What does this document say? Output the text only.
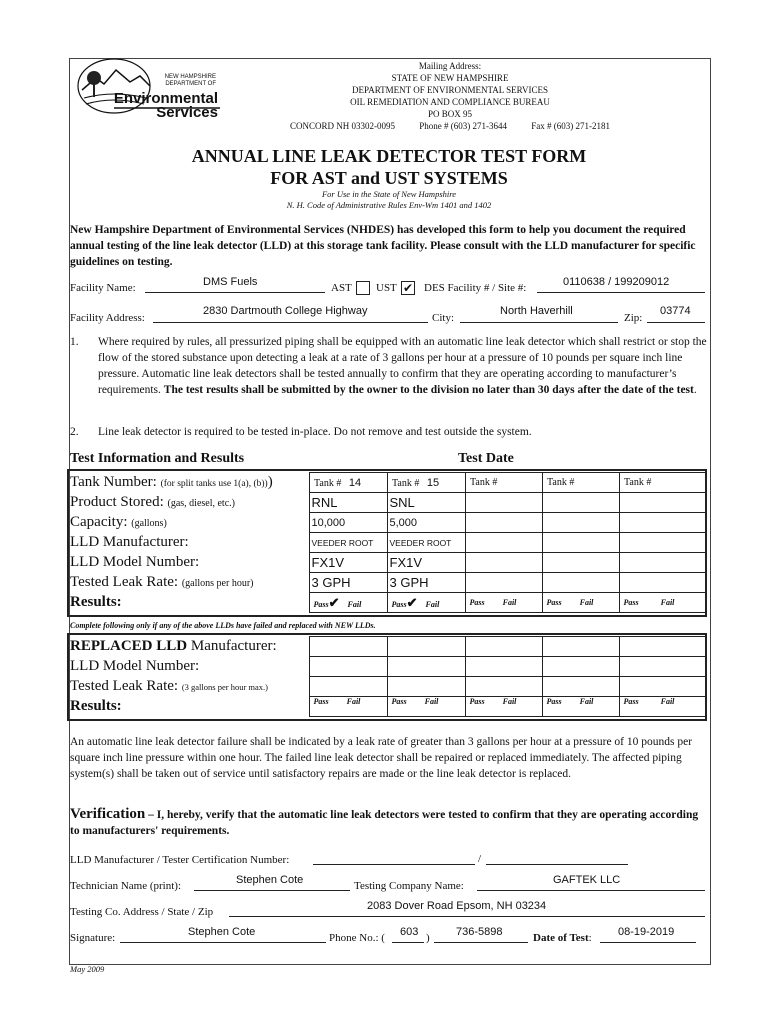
NEW HAMPSHIRE
DEPARTMENT OF
Environmental
Services
Mailing Address:
STATE OF NEW HAMPSHIRE
DEPARTMENT OF ENVIRONMENTAL SERVICES
OIL REMEDIATION AND COMPLIANCE BUREAU
PO BOX 95
CONCORD NH 03302-0095	Phone # (603) 271-3644	Fax # (603) 271-2181
ANNUAL LINE LEAK DETECTOR TEST FORM
FOR AST and UST SYSTEMS
For Use in the State of New Hampshire
N. H. Code of Administrative Rules Env-Wm 1401 and 1402
New Hampshire Department of Environmental Services (NHDES) has developed this form to help you document the required annual testing of the line leak detector (LLD) at this storage tank facility. Please consult with the LLD manufacturer for specific guidelines on testing.
Facility Name:	DMS Fuels	AST UST ✔ DES Facility # / Site #:	0110638 / 199209012
Facility Address:
2830 Dartmouth College Highway
City:
North Haverhill
Zip:
03774
1. Where required by rules, all pressurized piping shall be equipped with an automatic line leak detector which shall restrict or stop the flow of the stored substance upon detecting a leak at a rate of 3 gallons per hour at a pressure of 10 pounds per square inch line pressure. Automatic line leak detectors shall be tested annually to confirm that they are operating according to manufacturer’s requirements. The test results shall be submitted by the owner to the division no later than 30 days after the date of the test.
2. Line leak detector is required to be tested in-place. Do not remove and test outside the system.
Test Information and Results	Test Date
Tank Number: (for split tanks use 1(a), (b)))	Tank # 14	Tank # 15	Tank #	Tank #	Tank #
Product Stored: (gas, diesel, etc.)	RNL	SNL			
Capacity: (gallons)	10,000	5,000			
LLD Manufacturer:	VEEDER ROOT	VEEDER ROOT			
LLD Model Number:	FX1V	FX1V			
Tested Leak Rate: (gallons per hour)	3 GPH	3 GPH			
Results:	Pass✔ Fail	Pass✔ Fail	Pass Fail	Pass Fail	Pass Fail
Complete following only if any of the above LLDs have failed and replaced with NEW LLDs.
REPLACED LLD Manufacturer:					
LLD Model Number:					
Tested Leak Rate: (3 gallons per hour max.)					
Results:	Pass Fail	Pass Fail	Pass Fail	Pass Fail	Pass Fail
An automatic line leak detector failure shall be indicated by a leak rate of greater than 3 gallons per hour at a pressure of 10 pounds per square inch line pressure within one hour. The failed line leak detector shall be repaired or replaced immediately. The affected piping system(s) shall be taken out of service until satisfactory repairs are made or the line leak detector is replaced.
Verification – I, hereby, verify that the automatic line leak detectors were tested to confirm that they are operating according to manufacturers' requirements.
LLD Manufacturer / Tester Certification Number:	/
Technician Name (print):	Stephen Cote	Testing Company Name:	GAFTEK LLC
Testing Co. Address / State / Zip	2083 Dover Road Epsom, NH 03234
Signature:	Stephen Cote	Phone No.: ( 603 ) 736-5898	Date of Test: 08-19-2019
May 2009
